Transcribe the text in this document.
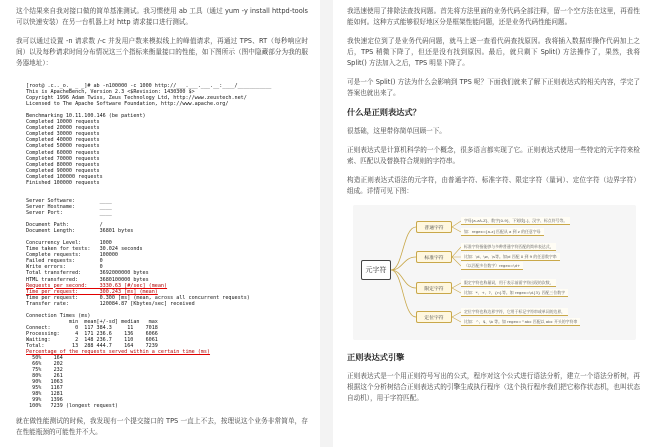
这个结果来自我对接口做的简单基准测试。我习惯使用 ab 工具（通过 yum -y install httpd-tools 可以快速安装）在另一台机器上对 http 请求接口进行测试。

我可以通过设置 -n 请求数 /-c 并发用户数来模拟线上的峰值请求，再通过 TPS、RT（每秒响应时间）以及每秒请求时间分布情况这三个指标来衡量接口的性能，如下图所示（图中隐藏部分为我的服务器地址）：

[root@ .c.._o._ _ _]# ab -n100000 -c 1000 http://___.___.___.__:____/___________
This is ApacheBench, Version 2.3 <$Revision: 1430300 $>
Copyright 1996 Adam Twiss, Zeus Technology Ltd, http://www.zeustech.net/
Licensed to The Apache Software Foundation, http://www.apache.org/

Benchmarking 10.11.100.146 (be patient)
Completed 10000 requests
Completed 20000 requests
Completed 30000 requests
Completed 40000 requests
Completed 50000 requests
Completed 60000 requests
Completed 70000 requests
Completed 80000 requests
Completed 90000 requests
Completed 100000 requests
Finished 100000 requests

Server Software:        ____
Server Hostname:        ____
Server Port:            ____

Document Path:          /
Document Length:        36801 bytes

Concurrency Level:      1000
Time taken for tests:   30.024 seconds
Complete requests:      100000
Failed requests:        0
Write errors:           0
Total transferred:      3692000000 bytes
HTML transferred:       3680100000 bytes
Requests per second:    3330.63 [#/sec] (mean)
Time per request:       300.243 [ms] (mean)
Time per request:       0.300 [ms] (mean, across all concurrent requests)
Transfer rate:          120084.87 [Kbytes/sec] received

Connection Times (ms)
min  mean[+/-sd] median   max
Connect:        0  117 384.3     11    7018
Processing:     4  171 236.6    136    6066
Waiting:        2  148 236.7    110    6061
Total:         13  288 444.7    164    7239
Percentage of the requests served within a certain time (ms)
50%    164
66%    202
75%    232
80%    261
90%   1063
95%   1167
98%   1281
99%   1396
100%   7239 (longest request)

就在做性能测试的时候，我发现有一个提交接口的 TPS 一直上不去，按理说这个业务非常简单，存在性能瓶颈的可能性并不大。

我迅速使用了排除法查找问题。首先将方法里面的业务代码全部注释，留一个空方法在这里，再看性能如何。这种方式能够很好地区分是框架性能问题，还是业务代码性能问题。

我快速定位到了是业务代码问题，就马上逐一查看代码查找原因。我将插入数据库操作代码加上之后，TPS 稍微下降了，但还是没有找到原因。最后，就只剩下 Split() 方法操作了，果然，我将 Split() 方法加入之后，TPS 明显下降了。

可是一个 Split() 方法为什么会影响到 TPS 呢？下面我们就来了解下正则表达式的相关内容，学完了答案也就出来了。

什么是正则表达式？

很基础，这里带你简单回顾一下。

正则表达式是计算机科学的一个概念，很多语言都实现了它。正则表达式使用一些特定的元字符来检索、匹配以及替换符合规则的字符串。

构造正则表达式语法的元字符，由普通字符、标准字符、限定字符（量词）、定位字符（边界字符）组成。详情可见下图：

元字符
普通字符
字母[a-zA-Z]、数字[0-9]、下划线[-]、汉字、标点符号等。
如：regex=[a-z] 匹配从 a 到 z 的任意字母
标准字符
标准字符指能够与多种普通字符匹配的简单表达式，
比如：\d、\w、\s等。如\d 匹配 0 到 9 的任意数字串
（以匹配多位数字）regex=\d+
限定字符
限定字符也称量词，用于表示前面字符出现的次数，
比如：*、+、?、{n}等。如 regex=\d{3} 匹配三位数字
定位字符
定位字符也称边界字符，它用于标记字符串或单词的边界，
比如：^、$、\b 等。如 regex=^abc 匹配以 abc 开头的字符串
正则表达式引擎

正则表达式是一个用正则符号写出的公式，程序对这个公式进行语法分析，建立一个语法分析树，再根据这个分析树结合正则表达式的引擎生成执行程序（这个执行程序我们把它称作状态机，也叫状态自动机），用于字符匹配。
